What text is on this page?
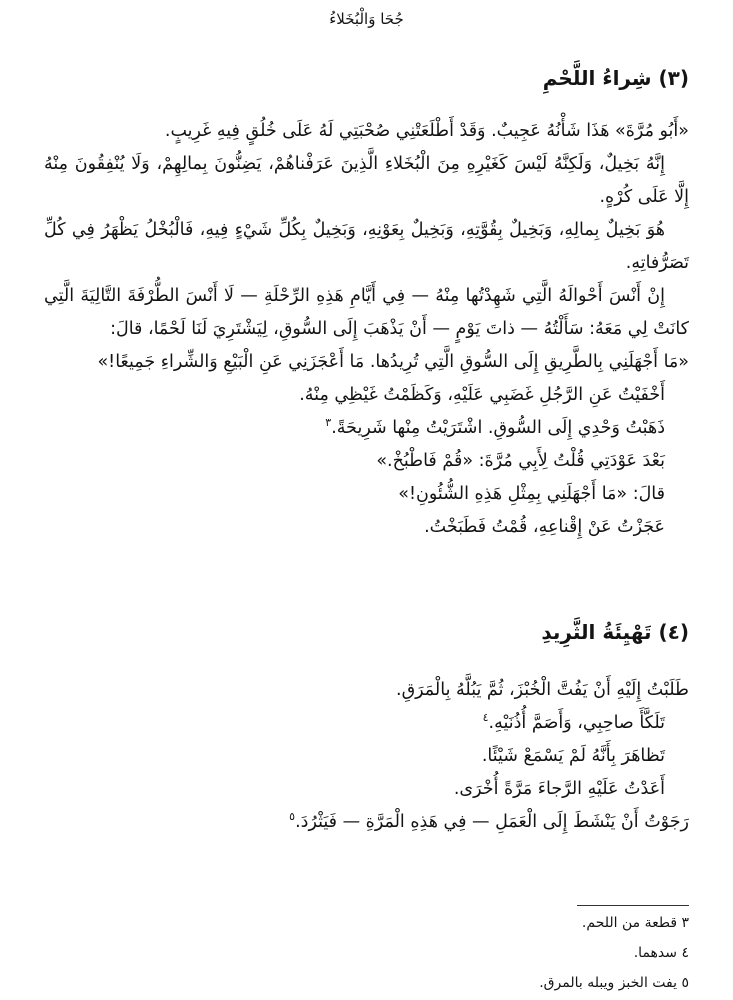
جُحَا وَالْبُخَلاءُ
(٣) شِراءُ اللَّحْمِ

«أَبُو مُرَّةَ» هَذَا شَأْنُهُ عَجِيبٌ. وَقَدْ أَطْلَعَتْنِي صُحْبَتِي لَهُ عَلَى خُلُقٍ فِيهِ غَرِيبٍ.

إِنَّهُ بَخِيلٌ، وَلَكِنَّهُ لَيْسَ كَغَيْرِهِ مِنَ الْبُخَلاءِ الَّذِينَ عَرَفْناهُمْ، يَضِنُّونَ بِمالِهِمْ، وَلَا يُنْفِقُونَ مِنْهُ إِلَّا عَلَى كُرْهٍ.

هُوَ بَخِيلٌ بِمالِهِ، وَبَخِيلٌ بِقُوَّتِهِ، وَبَخِيلٌ بِعَوْنِهِ، وَبَخِيلٌ بِكُلِّ شَيْءٍ فِيهِ، فَالْبُخْلُ يَظْهَرُ فِي كُلِّ تَصَرُّفاتِهِ.

إِنْ أَنْسَ أَحْوالَهُ الَّتِي شَهِدْتُها مِنْهُ — فِي أَيَّامِ هَذِهِ الرِّحْلَةِ — لَا أَنْسَ الطُّرْفَةَ التَّالِيَةَ الَّتِي كانَتْ لِي مَعَهُ: سَأَلْتُهُ — ذاتَ يَوْمٍ — أَنْ يَذْهَبَ إِلَى السُّوقِ، لِيَشْتَرِيَ لَنَا لَحْمًا، قالَ:

«مَا أَجْهَلَنِي بِالطَّرِيقِ إِلَى السُّوقِ الَّتِي تُرِيدُها. مَا أَعْجَزَنِي عَنِ الْبَيْعِ وَالشِّراءِ جَمِيعًا!»

أَخْفَيْتُ عَنِ الرَّجُلِ غَضَبِي عَلَيْهِ، وَكَظَمْتُ غَيْظِي مِنْهُ.

ذَهَبْتُ وَحْدِي إِلَى السُّوقِ. اشْتَرَيْتُ مِنْها شَرِيحَةً.$^٣$

بَعْدَ عَوْدَتِي قُلْتُ لِأَبِي مُرَّةَ: «قُمْ فَاطْبُخْ.»

قالَ: «مَا أَجْهَلَنِي بِمِثْلِ هَذِهِ الشُّئُونِ!»

عَجَزْتُ عَنْ إِقْناعِهِ، قُمْتُ فَطَبَخْتُ.

(٤) تَهْيِئَةُ الثَّرِيدِ

طَلَبْتُ إِلَيْهِ أَنْ يَفُتَّ الْخُبْزَ، ثُمَّ يَبُلَّهُ بِالْمَرَقِ.

تَلَكَّأَ صاحِبِي، وَأَصَمَّ أُذُنَيْهِ.$^٤$

تَظاهَرَ بِأَنَّهُ لَمْ يَسْمَعْ شَيْئًا.

أَعَدْتُ عَلَيْهِ الرَّجاءَ مَرَّةً أُخْرَى.

رَجَوْتُ أَنْ يَنْشَطَ إِلَى الْعَمَلِ — فِي هَذِهِ الْمَرَّةِ — فَيَثْرُدَ.$^٥$

٣ قطعة من اللحم.
٤ سدهما.
٥ يفت الخبز ويبله بالمرق.
